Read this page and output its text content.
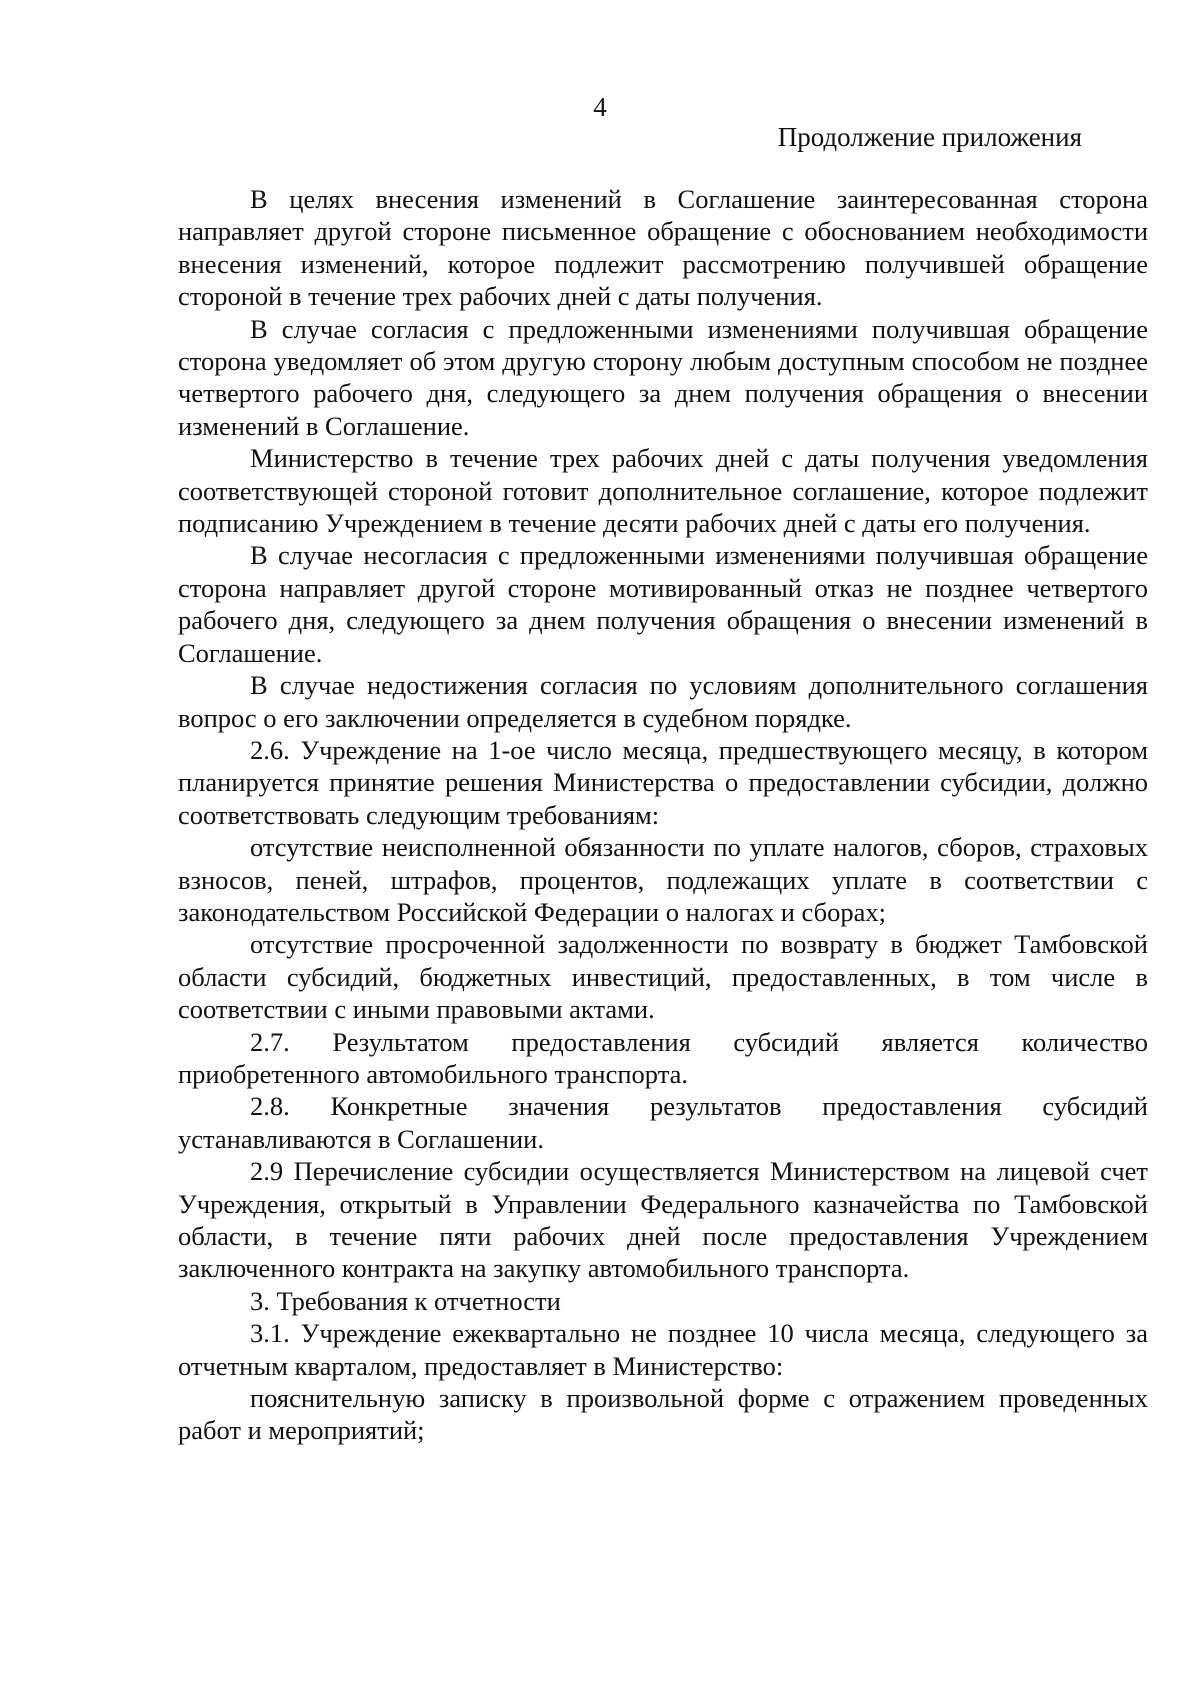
4
Продолжение приложения

В целях внесения изменений в Соглашение заинтересованная сторона направляет другой стороне письменное обращение с обоснованием необходимости внесения изменений, которое подлежит рассмотрению получившей обращение стороной в течение трех рабочих дней с даты получения.

В случае согласия с предложенными изменениями получившая обращение сторона уведомляет об этом другую сторону любым доступным способом не позднее четвертого рабочего дня, следующего за днем получения обращения о внесении изменений в Соглашение.

Министерство в течение трех рабочих дней с даты получения уведомления соответствующей стороной готовит дополнительное соглашение, которое подлежит подписанию Учреждением в течение десяти рабочих дней с даты его получения.

В случае несогласия с предложенными изменениями получившая обращение сторона направляет другой стороне мотивированный отказ не позднее четвертого рабочего дня, следующего за днем получения обращения о внесении изменений в Соглашение.

В случае недостижения согласия по условиям дополнительного соглашения вопрос о его заключении определяется в судебном порядке.

2.6. Учреждение на 1-ое число месяца, предшествующего месяцу, в котором планируется принятие решения Министерства о предоставлении субсидии, должно соответствовать следующим требованиям:

отсутствие неисполненной обязанности по уплате налогов, сборов, страховых взносов, пеней, штрафов, процентов, подлежащих уплате в соответствии с законодательством Российской Федерации о налогах и сборах;

отсутствие просроченной задолженности по возврату в бюджет Тамбовской области субсидий, бюджетных инвестиций, предоставленных, в том числе в соответствии с иными правовыми актами.

2.7. Результатом предоставления субсидий является количество приобретенного автомобильного транспорта.

2.8. Конкретные значения результатов предоставления субсидий устанавливаются в Соглашении.

2.9 Перечисление субсидии осуществляется Министерством на лицевой счет Учреждения, открытый в Управлении Федерального казначейства по Тамбовской области, в течение пяти рабочих дней после предоставления Учреждением заключенного контракта на закупку автомобильного транспорта.

3. Требования к отчетности

3.1. Учреждение ежеквартально не позднее 10 числа месяца, следующего за отчетным кварталом, предоставляет в Министерство:

пояснительную записку в произвольной форме с отражением проведенных работ и мероприятий;
